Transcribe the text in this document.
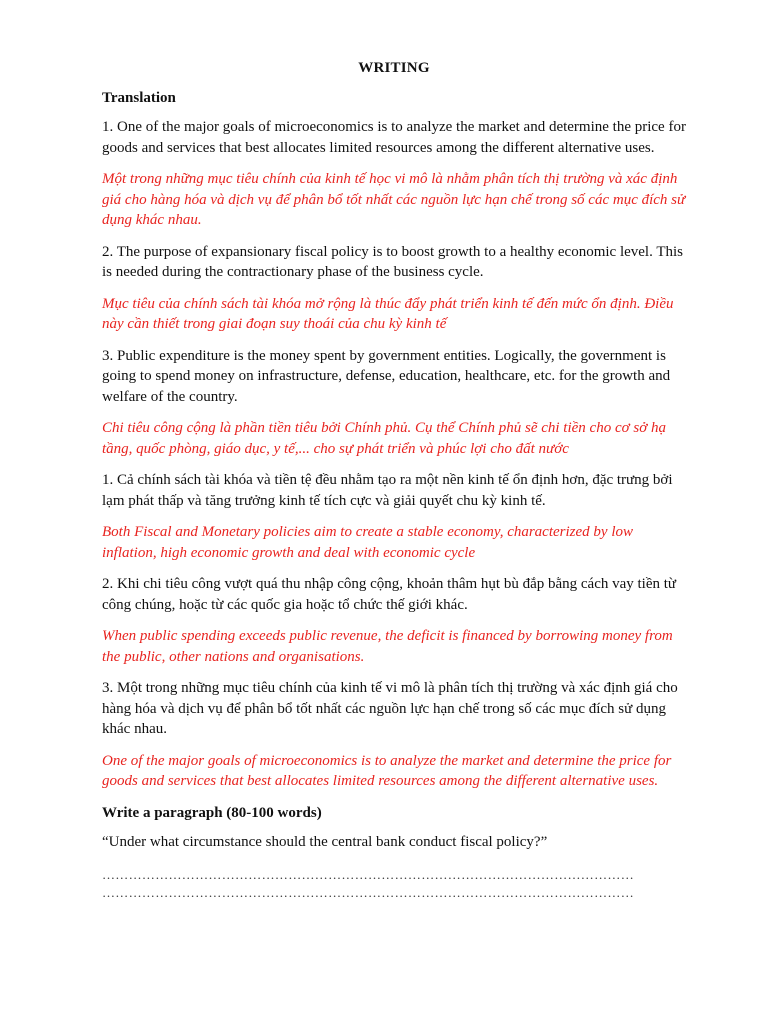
WRITING
Translation
1. One of the major goals of microeconomics is to analyze the market and determine the price for goods and services that best allocates limited resources among the different alternative uses.
Một trong những mục tiêu chính của kinh tế học vi mô là nhằm phân tích thị trường và xác định giá cho hàng hóa và dịch vụ để phân bổ tốt nhất các nguồn lực hạn chế trong số các mục đích sử dụng khác nhau.
2. The purpose of expansionary fiscal policy is to boost growth to a healthy economic level. This is needed during the contractionary phase of the business cycle.
Mục tiêu của chính sách tài khóa mở rộng là thúc đẩy phát triển kinh tế đến mức ổn định. Điều này cần thiết trong giai đoạn suy thoái của chu kỳ kinh tế
3. Public expenditure is the money spent by government entities. Logically, the government is going to spend money on infrastructure, defense, education, healthcare, etc. for the growth and welfare of the country.
Chi tiêu công cộng là phần tiền tiêu bởi Chính phủ. Cụ thể Chính phủ sẽ chi tiền cho cơ sở hạ tầng, quốc phòng, giáo dục, y tế,... cho sự phát triển và phúc lợi cho đất nước
1. Cả chính sách tài khóa và tiền tệ đều nhằm tạo ra một nền kinh tế ổn định hơn, đặc trưng bởi lạm phát thấp và tăng trưởng kinh tế tích cực và giải quyết chu kỳ kinh tế.
Both Fiscal and Monetary policies aim to create a stable economy, characterized by low inflation, high economic growth and deal with economic cycle
2. Khi chi tiêu công vượt quá thu nhập công cộng, khoản thâm hụt bù đắp bằng cách vay tiền từ công chúng, hoặc từ các quốc gia hoặc tổ chức thế giới khác.
When public spending exceeds public revenue, the deficit is financed by borrowing money from the public, other nations and organisations.
3. Một trong những mục tiêu chính của kinh tế vi mô là phân tích thị trường và xác định giá cho hàng hóa và dịch vụ để phân bổ tốt nhất các nguồn lực hạn chế trong số các mục đích sử dụng khác nhau.
One of the major goals of microeconomics is to analyze the market and determine the price for goods and services that best allocates limited resources among the different alternative uses.
Write a paragraph (80-100 words)
“Under what circumstance should the central bank conduct fiscal policy?”
…………………………………………………………………………………………………………
…………………………………………………………………………………………………………
